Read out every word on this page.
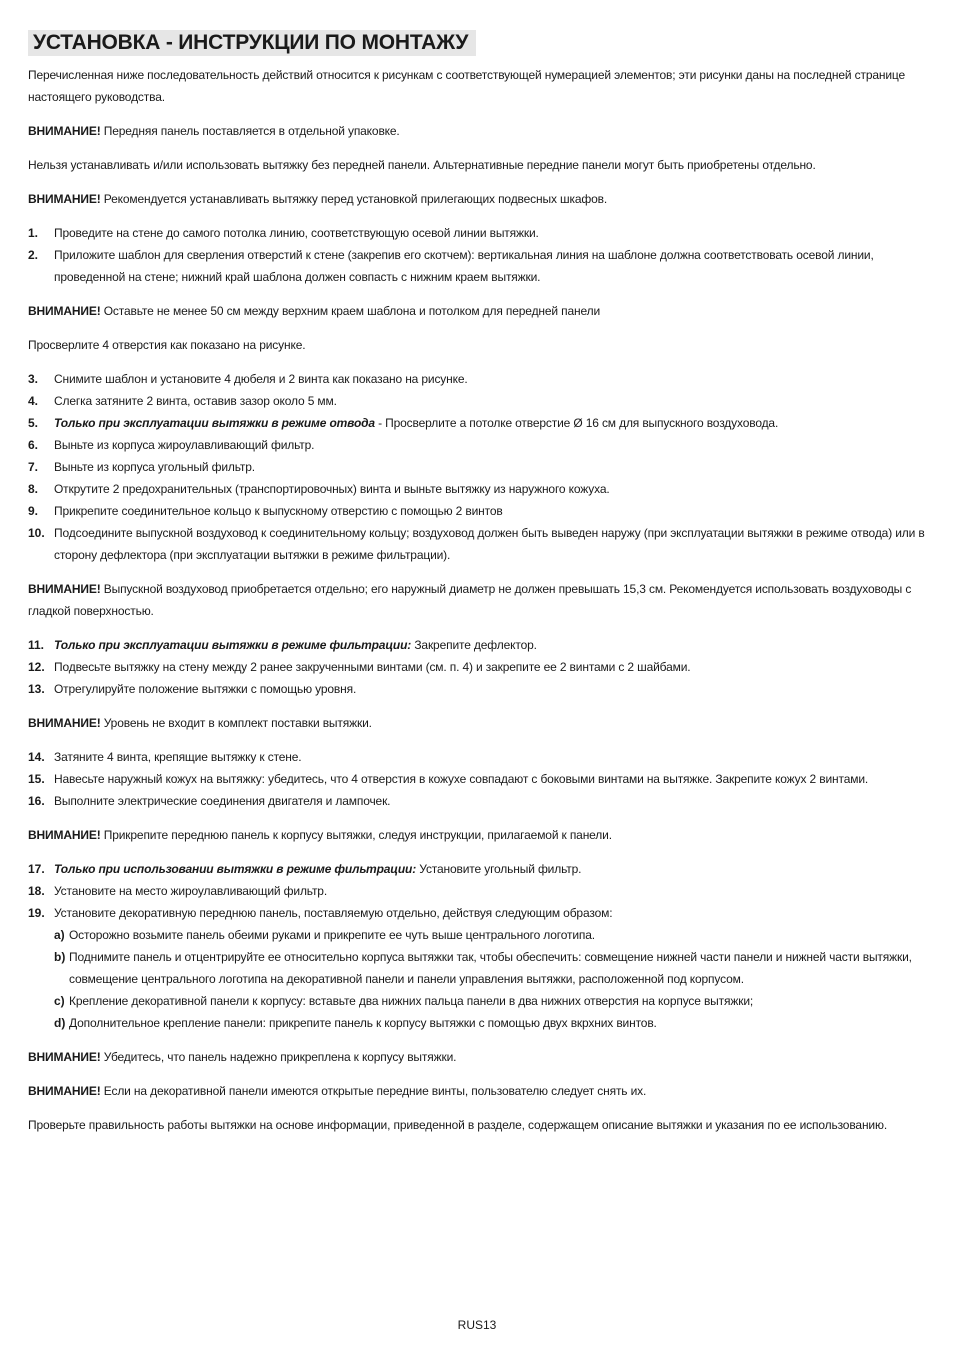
УСТАНОВКА - ИНСТРУКЦИИ ПО МОНТАЖУ
Перечисленная ниже последовательность действий относится к рисункам с соответствующей нумерацией элементов; эти рисунки даны на последней странице настоящего руководства.
ВНИМАНИЕ! Передняя панель поставляется в отдельной упаковке.
Нельзя устанавливать и/или использовать вытяжку без передней панели. Альтернативные передние панели могут быть приобретены отдельно.
ВНИМАНИЕ! Рекомендуется устанавливать вытяжку перед установкой прилегающих подвесных шкафов.
1.	Проведите на стене до самого потолка линию, соответствующую осевой линии вытяжки.
2.	Приложите шаблон для сверления отверстий к стене (закрепив его скотчем): вертикальная линия на шаблоне должна соответствовать осевой линии, проведенной на стене; нижний край шаблона должен совпасть с нижним краем вытяжки.
ВНИМАНИЕ! Оставьте не менее 50 см между верхним краем шаблона и потолком для передней панели
Просверлите 4 отверстия как показано на рисунке.
3.	Снимите шаблон и установите 4 дюбеля и 2 винта как показано на рисунке.
4.	Слегка затяните 2 винта, оставив зазор около 5 мм.
5.	Только при эксплуатации вытяжки в режиме отвода - Просверлите а потолке отверстие Ø 16 см для выпускного воздуховода.
6.	Выньте из корпуса жироулавливающий фильтр.
7.	Выньте из корпуса угольный фильтр.
8.	Открутите 2 предохранительных (транспортировочных) винта и выньте вытяжку из наружного кожуха.
9.	Прикрепите соединительное кольцо к выпускному отверстию с помощью 2 винтов
10. Подсоедините выпускной воздуховод к соединительному кольцу; воздуховод должен быть выведен наружу (при эксплуатации вытяжки в режиме отвода) или в сторону дефлектора (при эксплуатации вытяжки в режиме фильтрации).
ВНИМАНИЕ! Выпускной воздуховод приобретается отдельно; его наружный диаметр не должен превышать 15,3 см. Рекомендуется использовать воздуховоды с гладкой поверхностью.
11. Только при эксплуатации вытяжки в режиме фильтрации: Закрепите дефлектор.
12. Подвесьте вытяжку на стену между 2 ранее закрученными винтами (см. п. 4) и закрепите ее 2 винтами с 2 шайбами.
13. Отрегулируйте положение вытяжки с помощью уровня.
ВНИМАНИЕ! Уровень не входит в комплект поставки вытяжки.
14. Затяните 4 винта, крепящие вытяжку к стене.
15. Навесьте наружный кожух на вытяжку: убедитесь, что 4 отверстия в кожухе совпадают с боковыми винтами на вытяжке. Закрепите кожух 2 винтами.
16. Выполните электрические соединения двигателя и лампочек.
ВНИМАНИЕ! Прикрепите переднюю панель к корпусу вытяжки, следуя инструкции, прилагаемой к панели.
17. Только при использовании вытяжки в режиме фильтрации: Установите угольный фильтр.
18. Установите на место жироулавливающий фильтр.
19. Установите декоративную переднюю панель, поставляемую отдельно, действуя следующим образом:
a) Осторожно возьмите панель обеими руками и прикрепите ее чуть выше центрального логотипа.
b) Поднимите панель и отцентрируйте ее относительно корпуса вытяжки так, чтобы обеспечить: совмещение нижней части панели и нижней части вытяжки, совмещение центрального логотипа на декоративной панели и панели управления вытяжки, расположенной под корпусом.
c) Крепление декоративной панели к корпусу: вставьте два нижних пальца панели в два нижних отверстия на корпусе вытяжки;
d) Дополнительное крепление панели: прикрепите панель к корпусу вытяжки с помощью двух вкрхних винтов.
ВНИМАНИЕ! Убедитесь, что панель надежно прикреплена к корпусу вытяжки.
ВНИМАНИЕ! Если на декоративной панели имеются открытые передние винты, пользователю следует снять их.
Проверьте правильность работы вытяжки на основе информации, приведенной в разделе, содержащем описание вытяжки и указания по ее использованию.
RUS13
